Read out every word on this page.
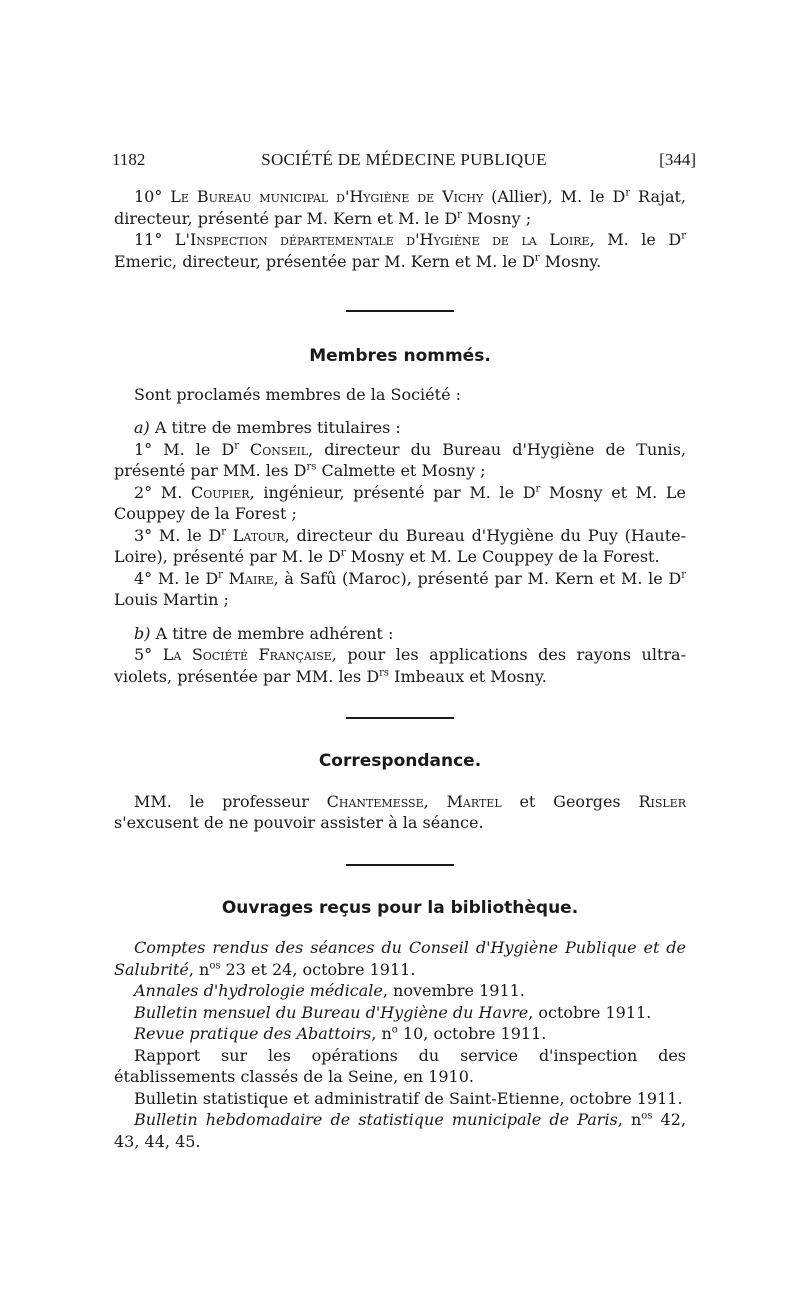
1182	SOCIÉTÉ DE MÉDECINE PUBLIQUE	[344]

10° Le Bureau municipal d'Hygiène de Vichy (Allier), M. le $D^r$ Rajat, directeur, présenté par M. Kern et M. le $D^r$ Mosny ;

11° L'Inspection départementale d'Hygiène de la Loire, M. le $D^r$ Emeric, directeur, présentée par M. Kern et M. le $D^r$ Mosny.

Membres nommés.

Sont proclamés membres de la Société :

a) A titre de membres titulaires :

1° M. le $D^r$ Conseil, directeur du Bureau d'Hygiène de Tunis, présenté par MM. les $D^{rs}$ Calmette et Mosny ;

2° M. Coupier, ingénieur, présenté par M. le $D^r$ Mosny et M. Le Couppey de la Forest ;

3° M. le $D^r$ Latour, directeur du Bureau d'Hygiène du Puy (Haute-Loire), présenté par M. le $D^r$ Mosny et M. Le Couppey de la Forest.

4° M. le $D^r$ Maire, à Safû (Maroc), présenté par M. Kern et M. le $D^r$ Louis Martin ;

b) A titre de membre adhérent :

5° La Société Française, pour les applications des rayons ultra-violets, présentée par MM. les $D^{rs}$ Imbeaux et Mosny.

Correspondance.

MM. le professeur Chantemesse, Martel et Georges Risler s'excusent de ne pouvoir assister à la séance.

Ouvrages reçus pour la bibliothèque.

Comptes rendus des séances du Conseil d'Hygiène Publique et de Salubrité, $n^{os}$ 23 et 24, octobre 1911.

Annales d'hydrologie médicale, novembre 1911.

Bulletin mensuel du Bureau d'Hygiène du Havre, octobre 1911.

Revue pratique des Abattoirs, $n^o$ 10, octobre 1911.

Rapport sur les opérations du service d'inspection des établissements classés de la Seine, en 1910.

Bulletin statistique et administratif de Saint-Etienne, octobre 1911.

Bulletin hebdomadaire de statistique municipale de Paris, $n^{os}$ 42, 43, 44, 45.
